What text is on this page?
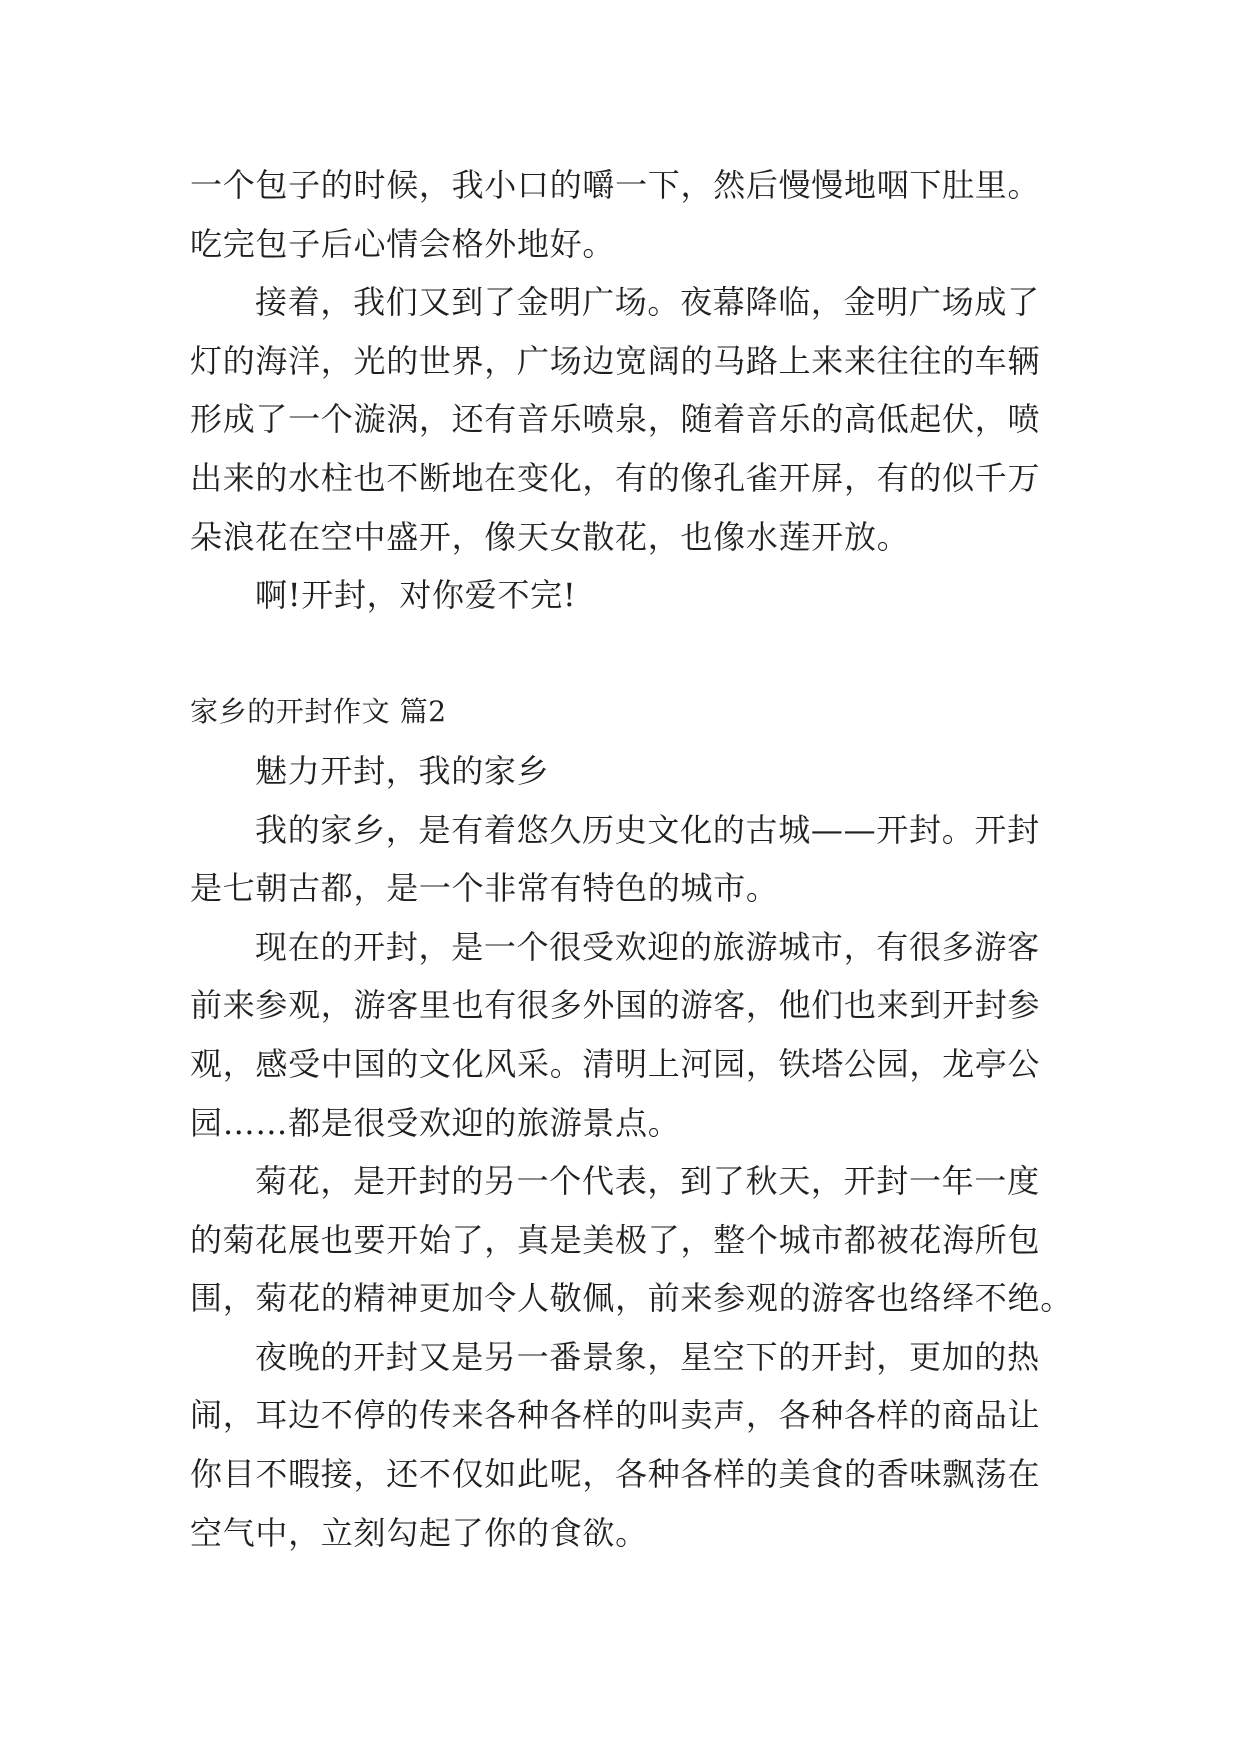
一个包子的时候，我小口的嚼一下，然后慢慢地咽下肚里。
吃完包子后心情会格外地好。
接着，我们又到了金明广场。夜幕降临，金明广场成了
灯的海洋，光的世界，广场边宽阔的马路上来来往往的车辆
形成了一个漩涡，还有音乐喷泉，随着音乐的高低起伏，喷
出来的水柱也不断地在变化，有的像孔雀开屏，有的似千万
朵浪花在空中盛开，像天女散花，也像水莲开放。
啊!开封，对你爱不完!
家乡的开封作文 篇2
魅力开封，我的家乡
我的家乡，是有着悠久历史文化的古城——开封。开封
是七朝古都，是一个非常有特色的城市。
现在的开封，是一个很受欢迎的旅游城市，有很多游客
前来参观，游客里也有很多外国的游客，他们也来到开封参
观，感受中国的文化风采。清明上河园，铁塔公园，龙亭公
园……都是很受欢迎的旅游景点。
菊花，是开封的另一个代表，到了秋天，开封一年一度
的菊花展也要开始了，真是美极了，整个城市都被花海所包
围，菊花的精神更加令人敬佩，前来参观的游客也络绎不绝。
夜晚的开封又是另一番景象，星空下的开封，更加的热
闹，耳边不停的传来各种各样的叫卖声，各种各样的商品让
你目不暇接，还不仅如此呢，各种各样的美食的香味飘荡在
空气中，立刻勾起了你的食欲。
